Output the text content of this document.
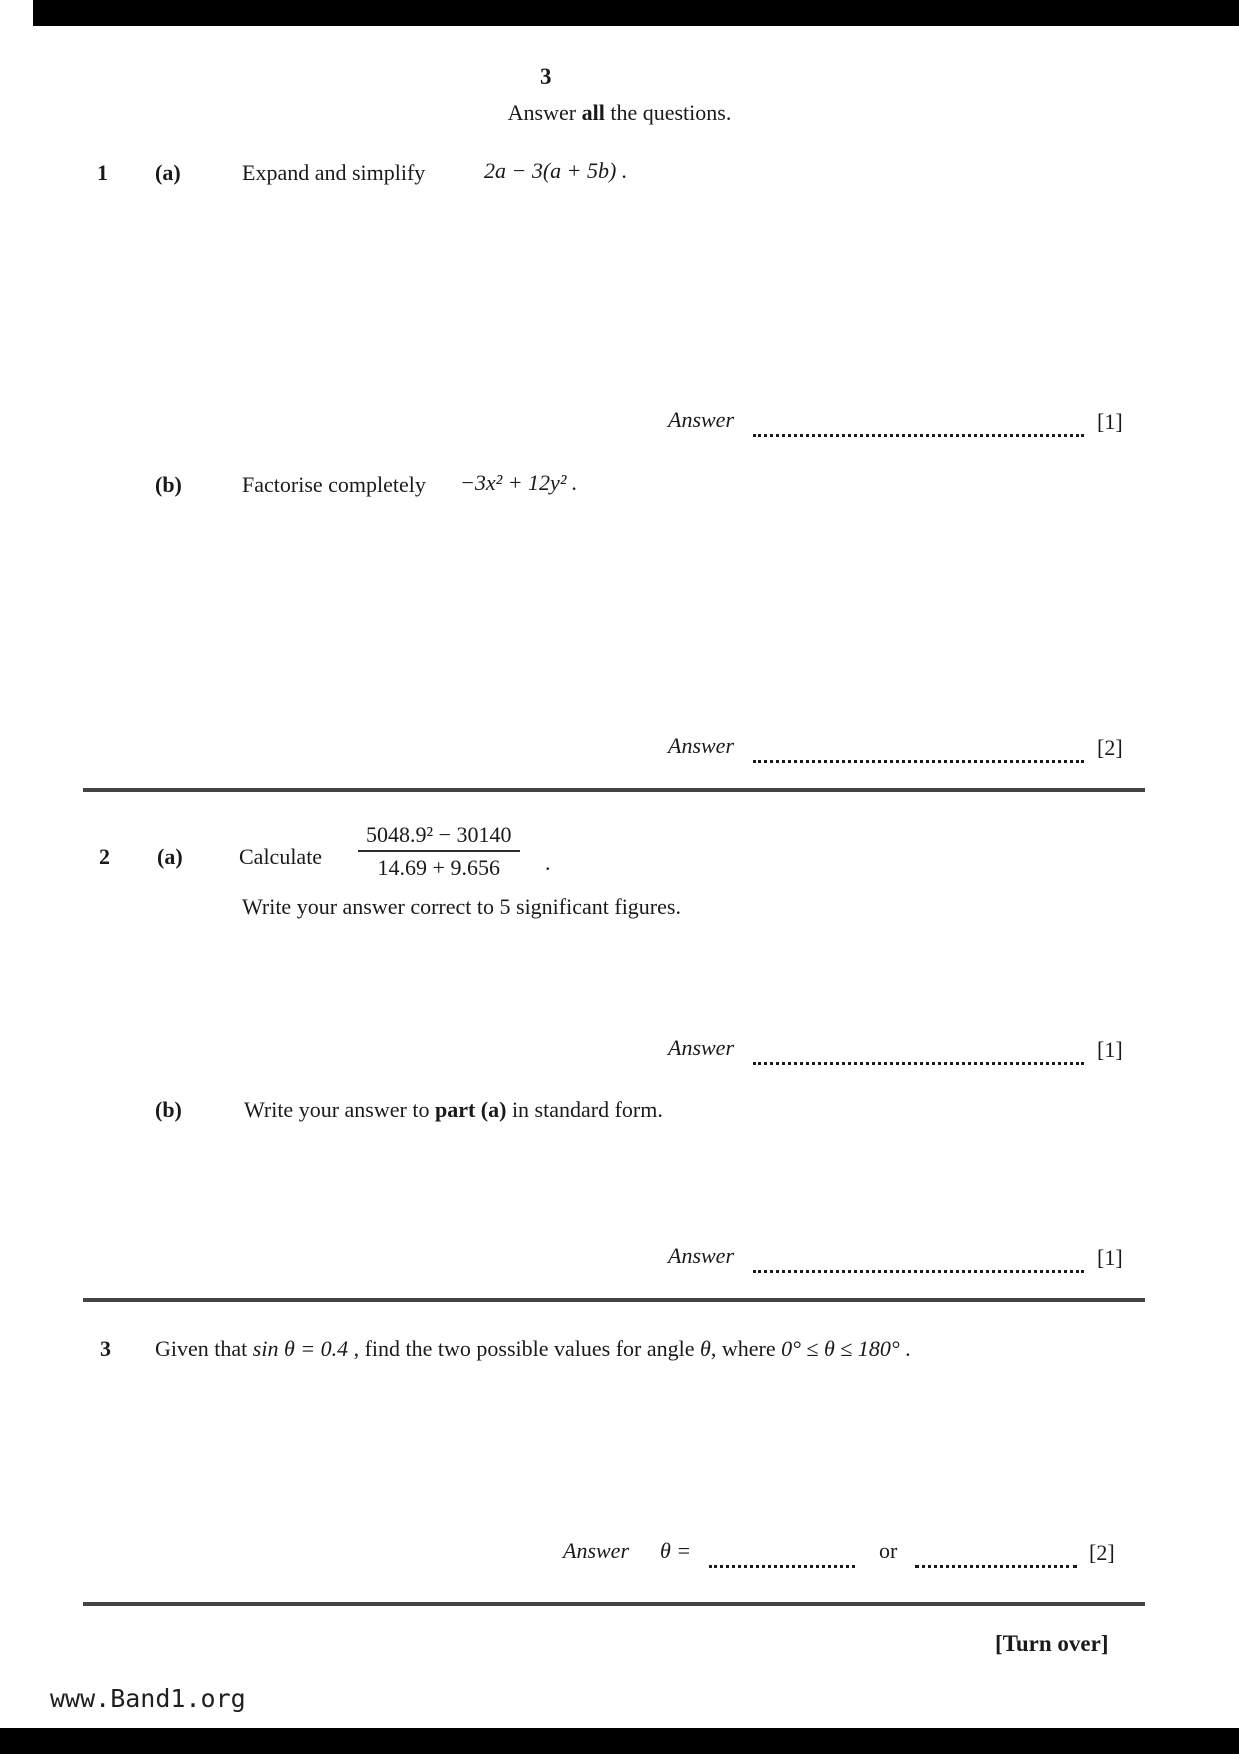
3
Answer all the questions.
1 (a)	Expand and simplify	2a − 3(a + 5b) .
Answer	[1]
(b)	Factorise completely −3x² + 12y² .
Answer	[2]
2 (a)	Calculate $\frac{\text{5048.9² − 30140}}{14.69 + 9.656}$ .
Write your answer correct to 5 significant figures.
Answer	[1]
(b)	Write your answer to part (a) in standard form.
Answer	[1]
3 Given that sin θ = 0.4 , find the two possible values for angle θ, where 0° ≤ θ ≤ 180° .
Answer θ =	or	[2]
[Turn over]
www.Band1.org
